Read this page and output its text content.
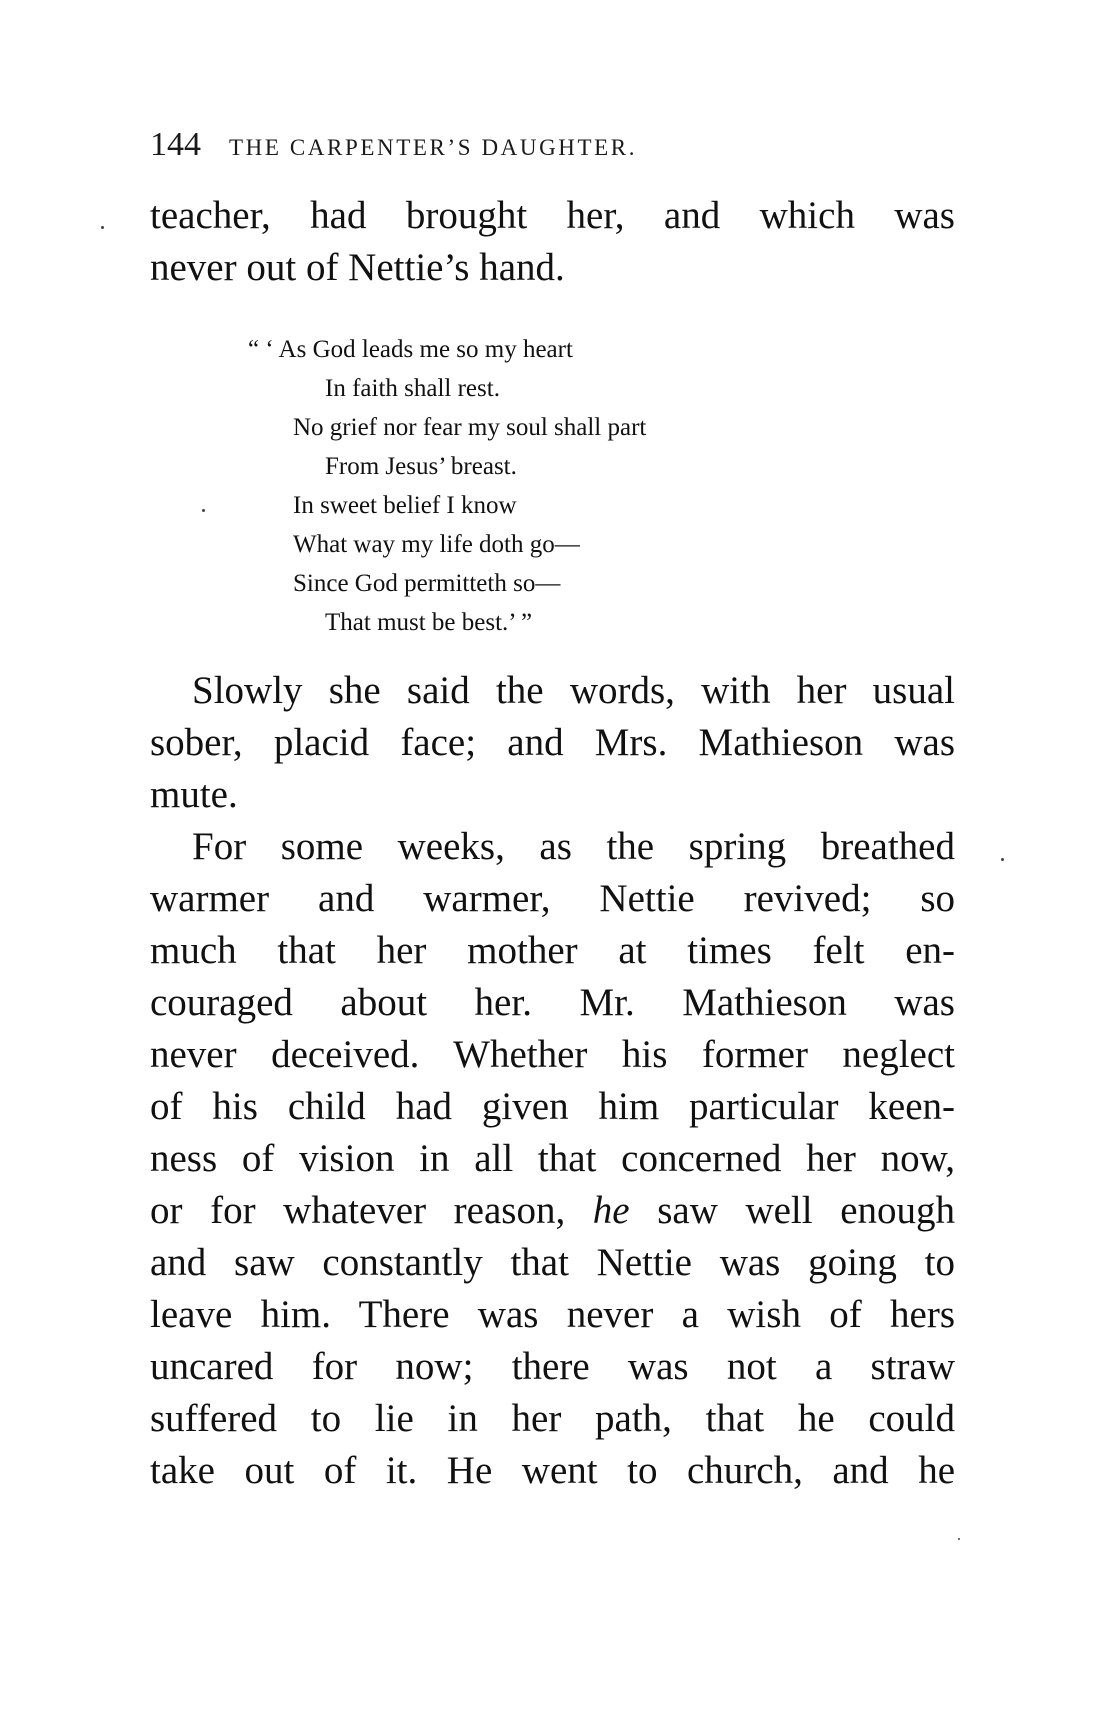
144 THE CARPENTER’S DAUGHTER.
teacher, had brought her, and which was
never out of Nettie’s hand.
“ ‘ As God leads me so my heart
In faith shall rest.
No grief nor fear my soul shall part
From Jesus’ breast.
In sweet belief I know
What way my life doth go—
Since God permitteth so—
That must be best.’ ”
Slowly she said the words, with her usual
sober, placid face; and Mrs. Mathieson was
mute.
For some weeks, as the spring breathed
warmer and warmer, Nettie revived; so
much that her mother at times felt en-
couraged about her. Mr. Mathieson was
never deceived. Whether his former neglect
of his child had given him particular keen-
ness of vision in all that concerned her now,
or for whatever reason, he saw well enough
and saw constantly that Nettie was going to
leave him. There was never a wish of hers
uncared for now; there was not a straw
suffered to lie in her path, that he could
take out of it. He went to church, and he
